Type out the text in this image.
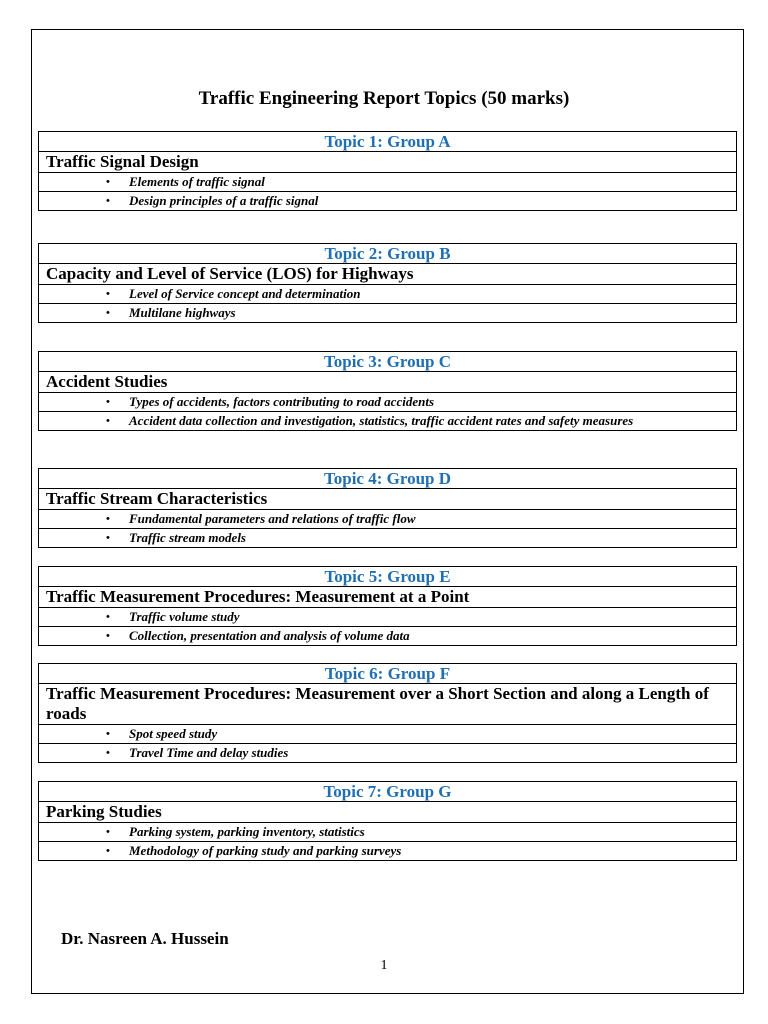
Traffic Engineering Report Topics (50 marks)
Topic 1: Group A
Traffic Signal Design

• Elements of traffic signal

• Design principles of a traffic signal
Topic 2: Group B
Capacity and Level of Service (LOS) for Highways

• Level of Service concept and determination

• Multilane highways
Topic 3: Group C
Accident Studies

• Types of accidents, factors contributing to road accidents

• Accident data collection and investigation, statistics, traffic accident rates and safety measures
Topic 4: Group D
Traffic Stream Characteristics

• Fundamental parameters and relations of traffic flow

• Traffic stream models
Topic 5: Group E
Traffic Measurement Procedures: Measurement at a Point

• Traffic volume study

• Collection, presentation and analysis of volume data
Topic 6: Group F
Traffic Measurement Procedures: Measurement over a Short Section and along a Length of roads

• Spot speed study

• Travel Time and delay studies
Topic 7: Group G
Parking Studies

• Parking system, parking inventory, statistics

• Methodology of parking study and parking surveys
Dr. Nasreen A. Hussein
1
